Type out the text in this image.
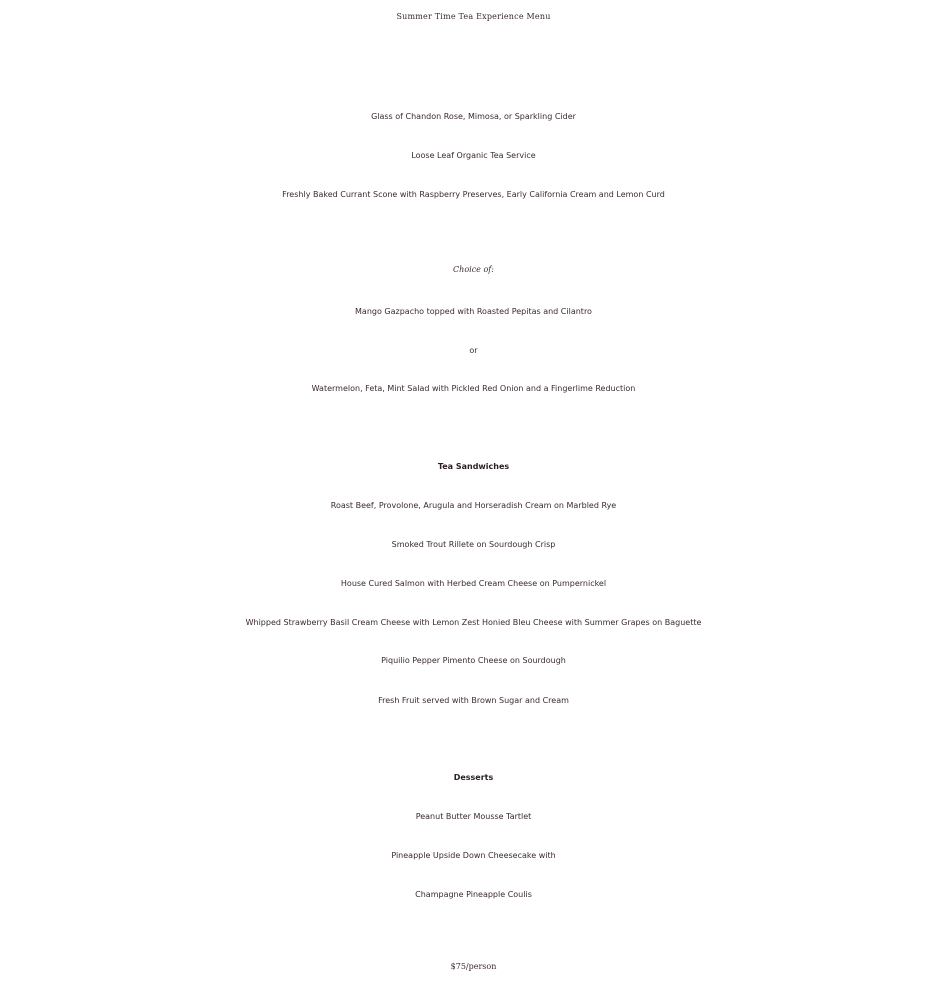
Summer Time Tea Experience Menu
Glass of Chandon Rose, Mimosa, or Sparkling Cider
Loose Leaf Organic Tea Service
Freshly Baked Currant Scone with Raspberry Preserves, Early California Cream and Lemon Curd
Choice of:
Mango Gazpacho topped with Roasted Pepitas and Cilantro
or
Watermelon, Feta, Mint Salad with Pickled Red Onion and a Fingerlime Reduction
Tea Sandwiches
Roast Beef, Provolone, Arugula and Horseradish Cream on Marbled Rye
Smoked Trout Rillete on Sourdough Crisp
House Cured Salmon with Herbed Cream Cheese on Pumpernickel
Whipped Strawberry Basil Cream Cheese with Lemon Zest Honied Bleu Cheese with Summer Grapes on Baguette
Piquilio Pepper Pimento Cheese on Sourdough
Fresh Fruit served with Brown Sugar and Cream
Desserts
Peanut Butter Mousse Tartlet
Pineapple Upside Down Cheesecake with
Champagne Pineapple Coulis
$75/person
